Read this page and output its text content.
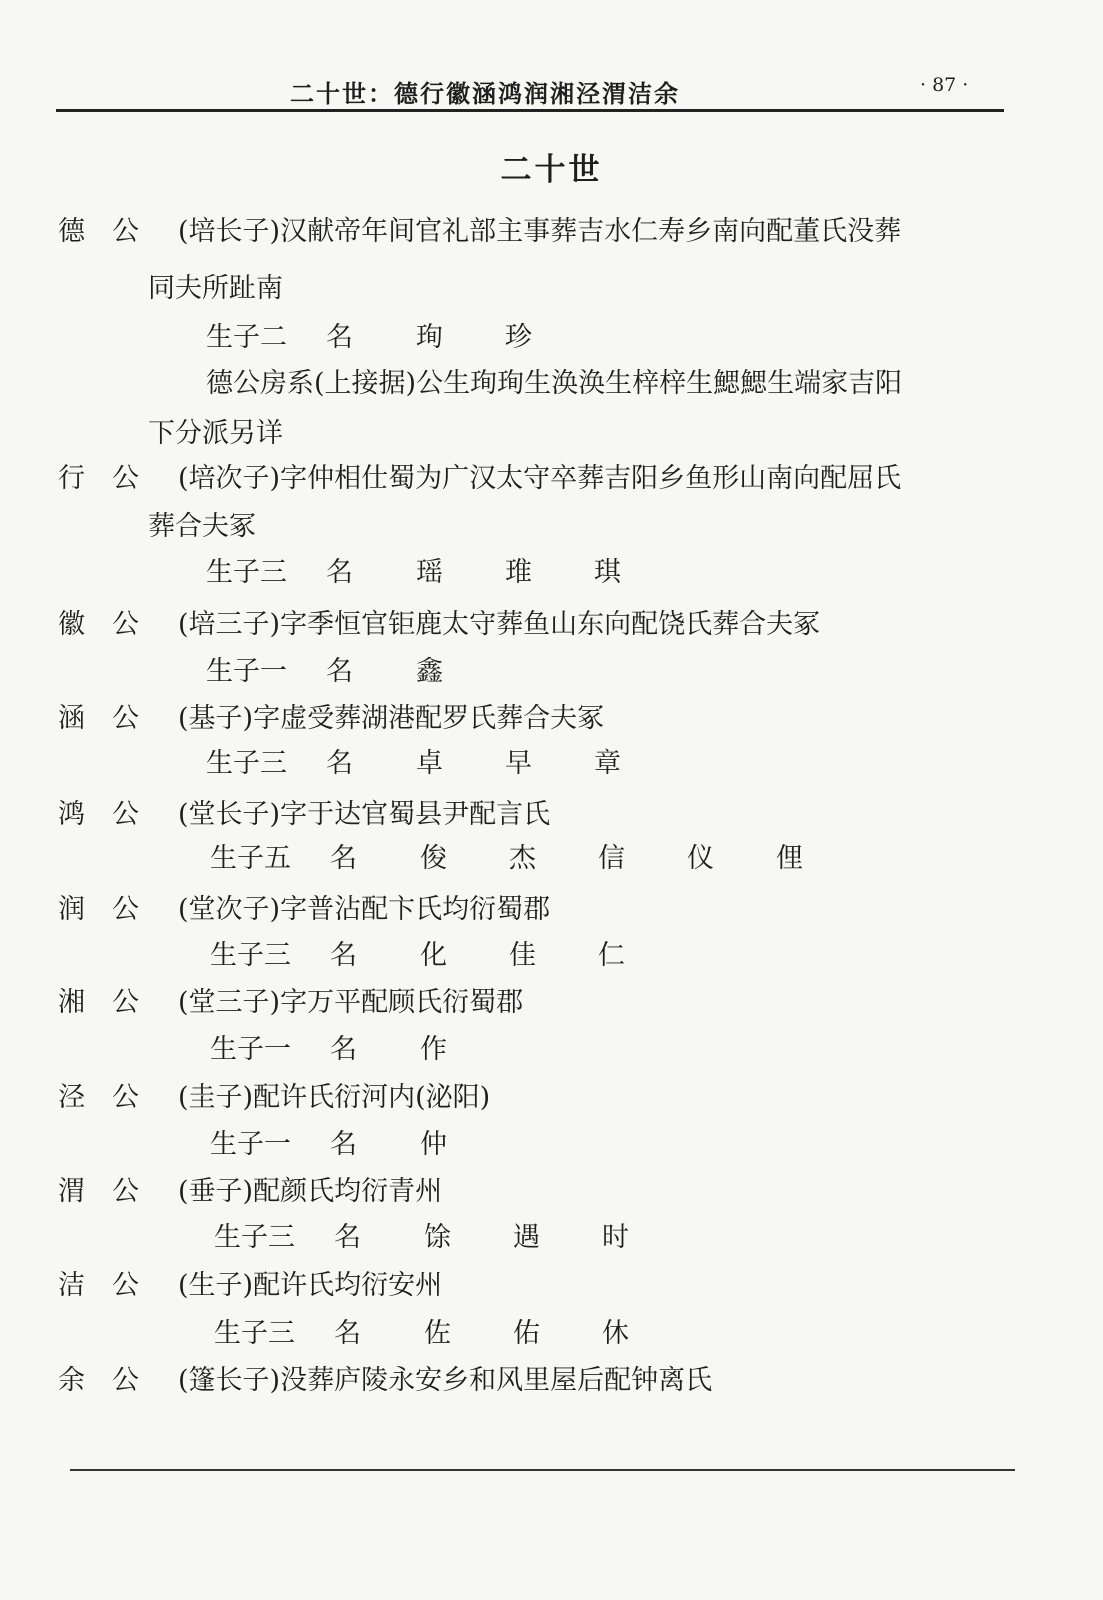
二十世：德行徽涵鸿润湘泾渭洁余	· 87 ·
二十世
德　公 (培长子)汉献帝年间官礼部主事葬吉水仁寿乡南向配董氏没葬
同夫所趾南
生子二 名 珣 珍
德公房系(上接据)公生珣珣生涣涣生梓梓生鰓鰓生端家吉阳
下分派另详
行　公 (培次子)字仲相仕蜀为广汉太守卒葬吉阳乡鱼形山南向配屈氏
葬合夫冢
生子三 名 瑶 琟 琪
徽　公 (培三子)字季恒官钜鹿太守葬鱼山东向配饶氏葬合夫冢
生子一 名 鑫
涵　公 (基子)字虚受葬湖港配罗氏葬合夫冢
生子三 名 卓 早 章
鸿　公 (堂长子)字于达官蜀县尹配言氏
生子五 名 俊 杰 信 仪 俚
润　公 (堂次子)字普沾配卞氏均衍蜀郡
生子三 名 化 佳 仁
湘　公 (堂三子)字万平配顾氏衍蜀郡
生子一 名 作
泾　公 (圭子)配许氏衍河内(泌阳)
生子一 名 仲
渭　公 (垂子)配颜氏均衍青州
生子三 名 馀 遇 时
洁　公 (生子)配许氏均衍安州
生子三 名 佐 佑 休
余　公 (篷长子)没葬庐陵永安乡和风里屋后配钟离氏
